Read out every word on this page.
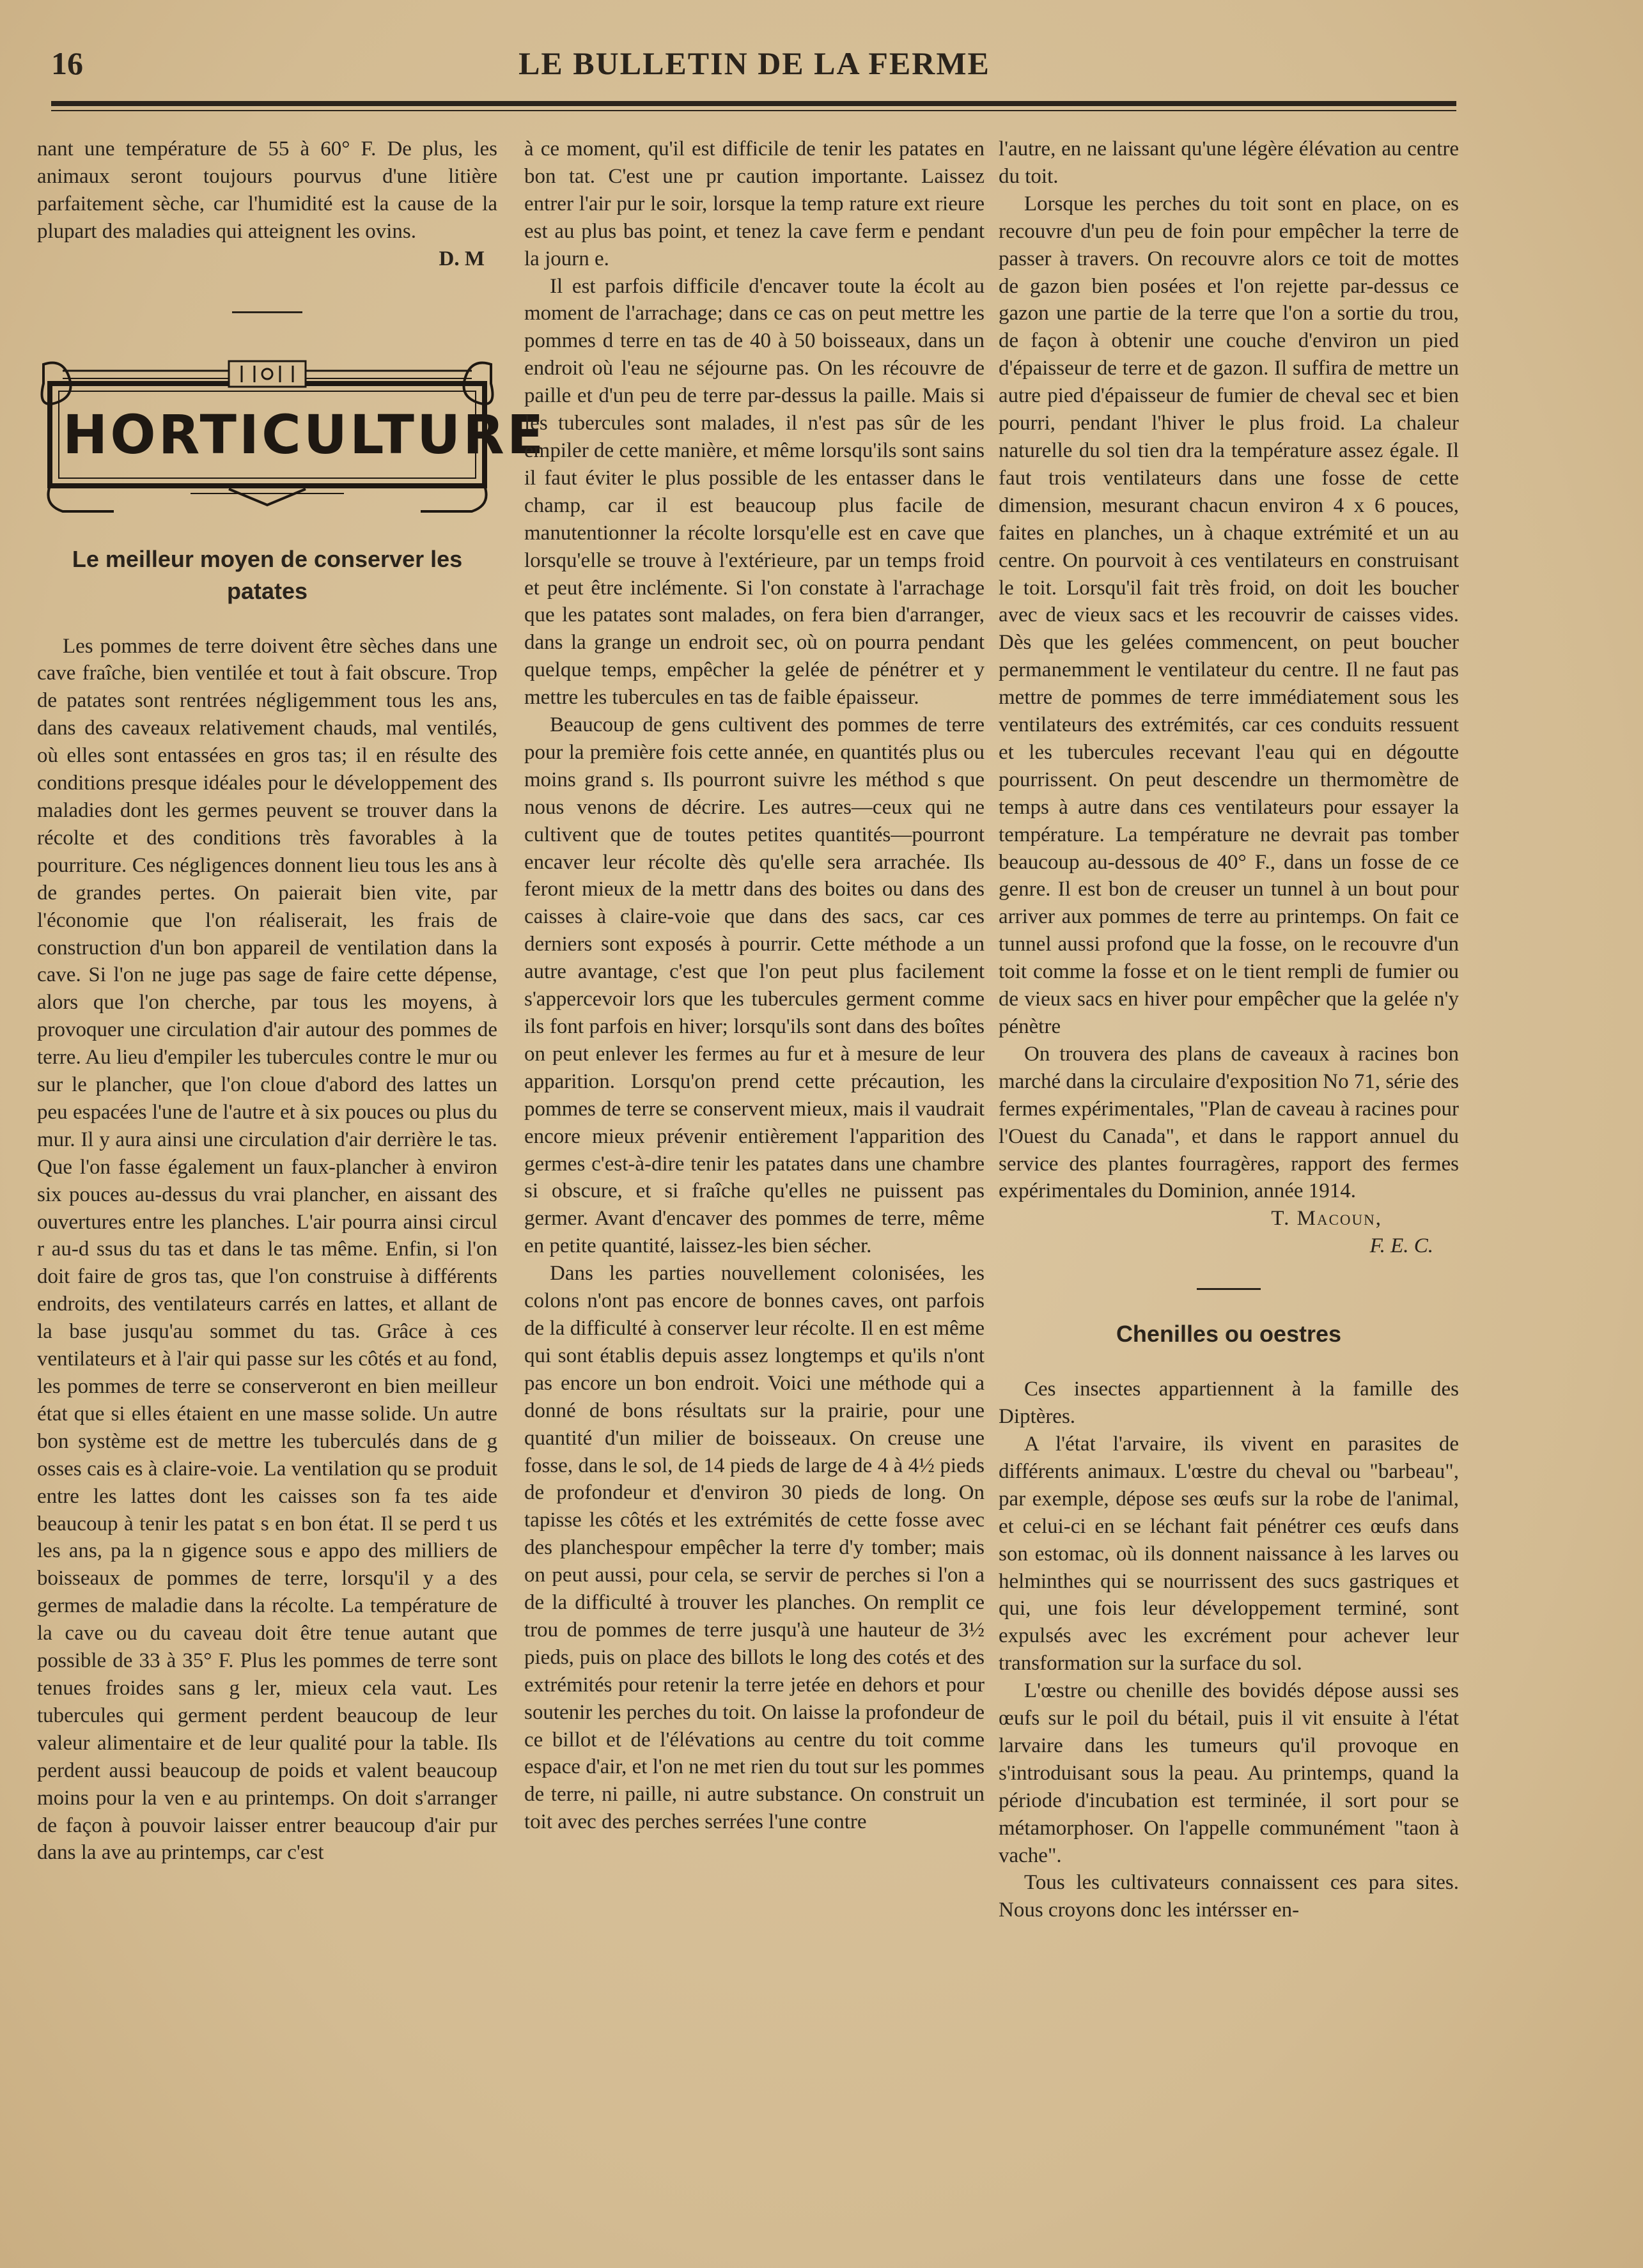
16	LE BULLETIN DE LA FERME

nant une température de 55 à 60° F. De plus, les animaux seront toujours pourvus d'une litière parfaitement sèche, car l'humidité est la cause de la plupart des maladies qui atteignent les ovins.

D. M

HORTICULTURE
Le meilleur moyen de conserver les patates

Les pommes de terre doivent être sèches dans une cave fraîche, bien ventilée et tout à fait obscure. Trop de patates sont rentrées négligemment tous les ans, dans des caveaux relativement chauds, mal ventilés, où elles sont entassées en gros tas; il en résulte des conditions presque idéales pour le développement des maladies dont les germes peuvent se trouver dans la récolte et des conditions très favorables à la pourriture. Ces négligences donnent lieu tous les ans à de grandes pertes. On paierait bien vite, par l'économie que l'on réaliserait, les frais de construction d'un bon appareil de ventilation dans la cave. Si l'on ne juge pas sage de faire cette dépense, alors que l'on cherche, par tous les moyens, à provoquer une circulation d'air autour des pommes de terre. Au lieu d'empiler les tubercules contre le mur ou sur le plancher, que l'on cloue d'abord des lattes un peu espacées l'une de l'autre et à six pouces ou plus du mur. Il y aura ainsi une circulation d'air derrière le tas. Que l'on fasse également un faux-plancher à environ six pouces au-dessus du vrai plancher, en aissant des ouvertures entre les planches. L'air pourra ainsi circul r au-d ssus du tas et dans le tas même. Enfin, si l'on doit faire de gros tas, que l'on construise à différents endroits, des ventilateurs carrés en lattes, et allant de la base jusqu'au sommet du tas. Grâce à ces ventilateurs et à l'air qui passe sur les côtés et au fond, les pommes de terre se conserveront en bien meilleur état que si elles étaient en une masse solide. Un autre bon système est de mettre les tuberculés dans de g osses cais es à claire-voie. La ventilation qu se produit entre les lattes dont les caisses son fa tes aide beaucoup à tenir les patat s en bon état. Il se perd t us les ans, pa la n gigence sous e appo des milliers de boisseaux de pommes de terre, lorsqu'il y a des germes de maladie dans la récolte. La température de la cave ou du caveau doit être tenue autant que possible de 33 à 35° F. Plus les pommes de terre sont tenues froides sans g ler, mieux cela vaut. Les tubercules qui germent perdent beaucoup de leur valeur alimentaire et de leur qualité pour la table. Ils perdent aussi beaucoup de poids et valent beaucoup moins pour la ven e au printemps. On doit s'arranger de façon à pouvoir laisser entrer beaucoup d'air pur dans la ave au printemps, car c'est

à ce moment, qu'il est difficile de tenir les patates en bon tat. C'est une pr caution importante. Laissez entrer l'air pur le soir, lorsque la temp rature ext rieure est au plus bas point, et tenez la cave ferm e pendant la journ e.

Il est parfois difficile d'encaver toute la écolt au moment de l'arrachage; dans ce cas on peut mettre les pommes d terre en tas de 40 à 50 boisseaux, dans un endroit où l'eau ne séjourne pas. On les récouvre de paille et d'un peu de terre par-dessus la paille. Mais si les tubercules sont malades, il n'est pas sûr de les empiler de cette manière, et même lorsqu'ils sont sains il faut éviter le plus possible de les entasser dans le champ, car il est beaucoup plus facile de manutentionner la récolte lorsqu'elle est en cave que lorsqu'elle se trouve à l'extérieure, par un temps froid et peut être inclémente. Si l'on constate à l'arrachage que les patates sont malades, on fera bien d'arranger, dans la grange un endroit sec, où on pourra pendant quelque temps, empêcher la gelée de pénétrer et y mettre les tubercules en tas de faible épaisseur.

Beaucoup de gens cultivent des pommes de terre pour la première fois cette année, en quantités plus ou moins grand s. Ils pourront suivre les méthod s que nous venons de décrire. Les autres—ceux qui ne cultivent que de toutes petites quantités—pourront encaver leur récolte dès qu'elle sera arrachée. Ils feront mieux de la mettr dans des boites ou dans des caisses à claire-voie que dans des sacs, car ces derniers sont exposés à pourrir. Cette méthode a un autre avantage, c'est que l'on peut plus facilement s'appercevoir lors que les tubercules germent comme ils font parfois en hiver; lorsqu'ils sont dans des boîtes on peut enlever les fermes au fur et à mesure de leur apparition. Lorsqu'on prend cette précaution, les pommes de terre se conservent mieux, mais il vaudrait encore mieux prévenir entièrement l'apparition des germes c'est-à-dire tenir les patates dans une chambre si obscure, et si fraîche qu'elles ne puissent pas germer. Avant d'encaver des pommes de terre, même en petite quantité, laissez-les bien sécher.

Dans les parties nouvellement colonisées, les colons n'ont pas encore de bonnes caves, ont parfois de la difficulté à conserver leur récolte. Il en est même qui sont établis depuis assez longtemps et qu'ils n'ont pas encore un bon endroit. Voici une méthode qui a donné de bons résultats sur la prairie, pour une quantité d'un milier de boisseaux. On creuse une fosse, dans le sol, de 14 pieds de large de 4 à 4½ pieds de profondeur et d'environ 30 pieds de long. On tapisse les côtés et les extrémités de cette fosse avec des planchespour empêcher la terre d'y tomber; mais on peut aussi, pour cela, se servir de perches si l'on a de la difficulté à trouver les planches. On remplit ce trou de pommes de terre jusqu'à une hauteur de 3½ pieds, puis on place des billots le long des cotés et des extrémités pour retenir la terre jetée en dehors et pour soutenir les perches du toit. On laisse la profondeur de ce billot et de l'élévations au centre du toit comme espace d'air, et l'on ne met rien du tout sur les pommes de terre, ni paille, ni autre substance. On construit un toit avec des perches serrées l'une contre

l'autre, en ne laissant qu'une légère élévation au centre du toit.

Lorsque les perches du toit sont en place, on es recouvre d'un peu de foin pour empêcher la terre de passer à travers. On recouvre alors ce toit de mottes de gazon bien posées et l'on rejette par-dessus ce gazon une partie de la terre que l'on a sortie du trou, de façon à obtenir une couche d'environ un pied d'épaisseur de terre et de gazon. Il suffira de mettre un autre pied d'épaisseur de fumier de cheval sec et bien pourri, pendant l'hiver le plus froid. La chaleur naturelle du sol tien dra la température assez égale. Il faut trois ventilateurs dans une fosse de cette dimension, mesurant chacun environ 4 x 6 pouces, faites en planches, un à chaque extrémité et un au centre. On pourvoit à ces ventilateurs en construisant le toit. Lorsqu'il fait très froid, on doit les boucher avec de vieux sacs et les recouvrir de caisses vides. Dès que les gelées commencent, on peut boucher permanemment le ventilateur du centre. Il ne faut pas mettre de pommes de terre immédiatement sous les ventilateurs des extrémités, car ces conduits ressuent et les tubercules recevant l'eau qui en dégoutte pourrissent. On peut descendre un thermomètre de temps à autre dans ces ventilateurs pour essayer la température. La température ne devrait pas tomber beaucoup au-dessous de 40° F., dans un fosse de ce genre. Il est bon de creuser un tunnel à un bout pour arriver aux pommes de terre au printemps. On fait ce tunnel aussi profond que la fosse, on le recouvre d'un toit comme la fosse et on le tient rempli de fumier ou de vieux sacs en hiver pour empêcher que la gelée n'y pénètre

On trouvera des plans de caveaux à racines bon marché dans la circulaire d'exposition No 71, série des fermes expérimentales, "Plan de caveau à racines pour l'Ouest du Canada", et dans le rapport annuel du service des plantes fourragères, rapport des fermes expérimentales du Dominion, année 1914.

T. Macoun,

F. E. C.

Chenilles ou oestres

Ces insectes appartiennent à la famille des Diptères.

A l'état l'arvaire, ils vivent en parasites de différents animaux. L'œstre du cheval ou "barbeau", par exemple, dépose ses œufs sur la robe de l'animal, et celui-ci en se léchant fait pénétrer ces œufs dans son estomac, où ils donnent naissance à les larves ou helminthes qui se nourrissent des sucs gastriques et qui, une fois leur développement terminé, sont expulsés avec les excrément pour achever leur transformation sur la surface du sol.

L'œstre ou chenille des bovidés dépose aussi ses œufs sur le poil du bétail, puis il vit ensuite à l'état larvaire dans les tumeurs qu'il provoque en s'introduisant sous la peau. Au printemps, quand la période d'incubation est terminée, il sort pour se métamorphoser. On l'appelle communément "taon à vache".

Tous les cultivateurs connaissent ces para sites. Nous croyons donc les intérsser en-
